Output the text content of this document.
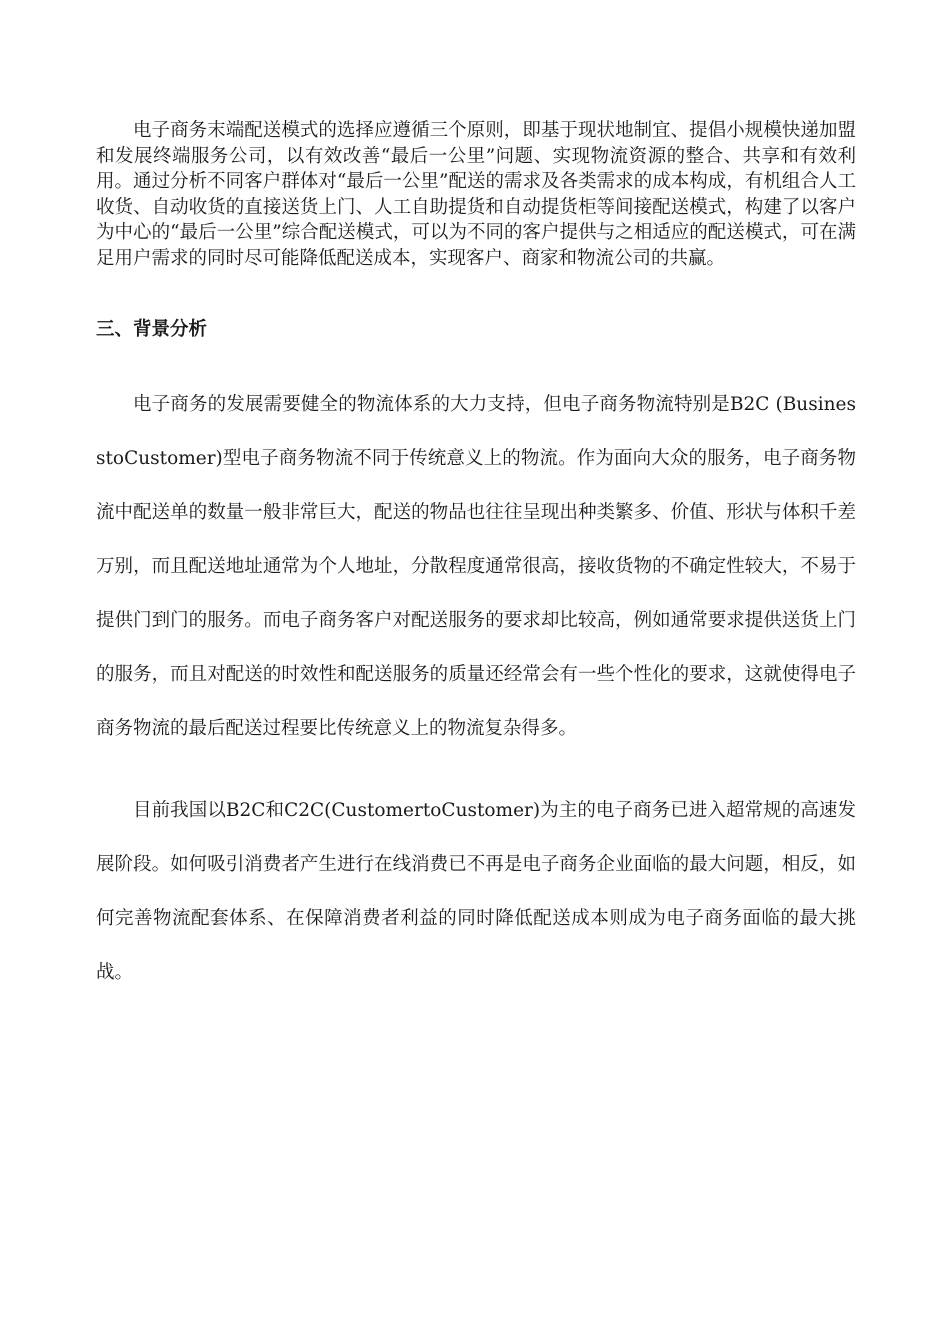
电子商务末端配送模式的选择应遵循三个原则，即基于现状地制宜、提倡小规模快递加盟和发展终端服务公司，以有效改善“最后一公里”问题、实现物流资源的整合、共享和有效利用。通过分析不同客户群体对“最后一公里”配送的需求及各类需求的成本构成，有机组合人工收货、自动收货的直接送货上门、人工自助提货和自动提货柜等间接配送模式，构建了以客户为中心的“最后一公里”综合配送模式，可以为不同的客户提供与之相适应的配送模式，可在满足用户需求的同时尽可能降低配送成本，实现客户、商家和物流公司的共赢。

三、背景分析

电子商务的发展需要健全的物流体系的大力支持，但电子商务物流特别是B2C (BusinesstoCustomer)型电子商务物流不同于传统意义上的物流。作为面向大众的服务，电子商务物流中配送单的数量一般非常巨大，配送的物品也往往呈现出种类繁多、价值、形状与体积千差万别，而且配送地址通常为个人地址，分散程度通常很高，接收货物的不确定性较大，不易于提供门到门的服务。而电子商务客户对配送服务的要求却比较高，例如通常要求提供送货上门的服务，而且对配送的时效性和配送服务的质量还经常会有一些个性化的要求，这就使得电子商务物流的最后配送过程要比传统意义上的物流复杂得多。

目前我国以B2C和C2C(CustomertoCustomer)为主的电子商务已进入超常规的高速发展阶段。如何吸引消费者产生进行在线消费已不再是电子商务企业面临的最大问题，相反，如何完善物流配套体系、在保障消费者利益的同时降低配送成本则成为电子商务面临的最大挑战。
